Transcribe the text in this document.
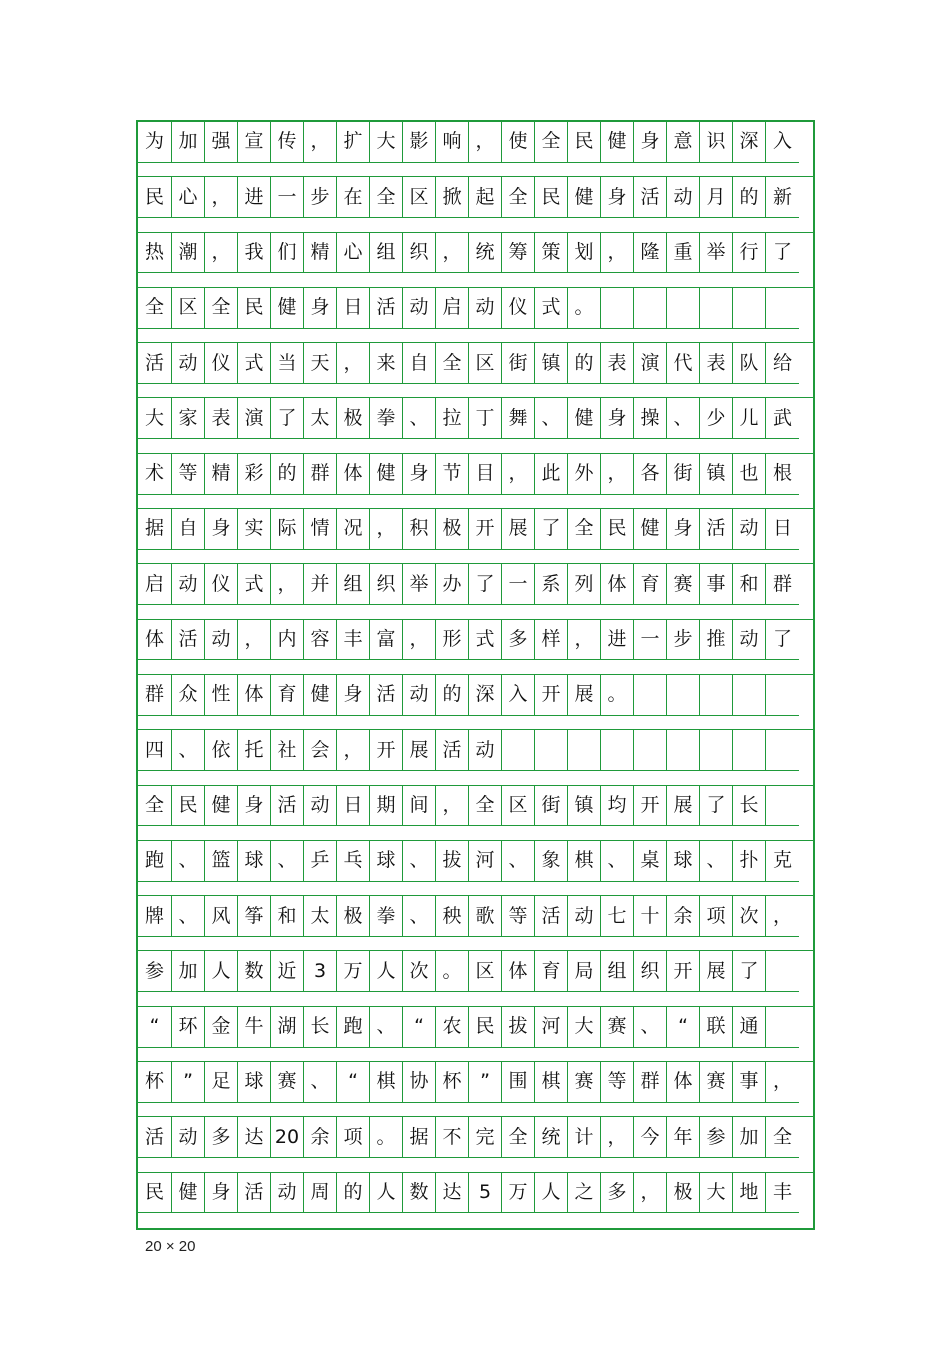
为 加 强 宣 传 ， 扩 大 影 响 ， 使 全 民 健 身 意 识 深 入
民 心 ， 进 一 步 在 全 区 掀 起 全 民 健 身 活 动 月 的 新
热 潮 ， 我 们 精 心 组 织 ， 统 筹 策 划 ， 隆 重 举 行 了
全 区 全 民 健 身 日 活 动 启 动 仪 式 。
活 动 仪 式 当 天 ， 来 自 全 区 街 镇 的 表 演 代 表 队 给
大 家 表 演 了 太 极 拳 、 拉 丁 舞 、 健 身 操 、 少 儿 武
术 等 精 彩 的 群 体 健 身 节 目 ， 此 外 ， 各 街 镇 也 根
据 自 身 实 际 情 况 ， 积 极 开 展 了 全 民 健 身 活 动 日
启 动 仪 式 ， 并 组 织 举 办 了 一 系 列 体 育 赛 事 和 群
体 活 动 ， 内 容 丰 富 ， 形 式 多 样 ， 进 一 步 推 动 了
群 众 性 体 育 健 身 活 动 的 深 入 开 展 。
四 、 依 托 社 会 ， 开 展 活 动
全 民 健 身 活 动 日 期 间 ， 全 区 街 镇 均 开 展 了 长
跑 、 篮 球 、 乒 乓 球 、 拔 河 、 象 棋 、 桌 球 、 扑 克
牌 、 风 筝 和 太 极 拳 、 秧 歌 等 活 动 七 十 余 项 次 ，
参 加 人 数 近 3 万 人 次 。 区 体 育 局 组 织 开 展 了
“	环 金 牛 湖 长 跑 、 “ 农 民 拔 河 大 赛 、 “ 联 通
杯	” 足 球 赛 、 “ 棋 协 杯 ” 围 棋 赛 等 群 体 赛 事 ，
活 动 多 达 20 余 项 。 据 不 完 全 统 计 ， 今 年 参 加 全
民 健 身 活 动 周 的 人 数 达 5 万 人 之 多 ， 极 大 地 丰
20 × 20
